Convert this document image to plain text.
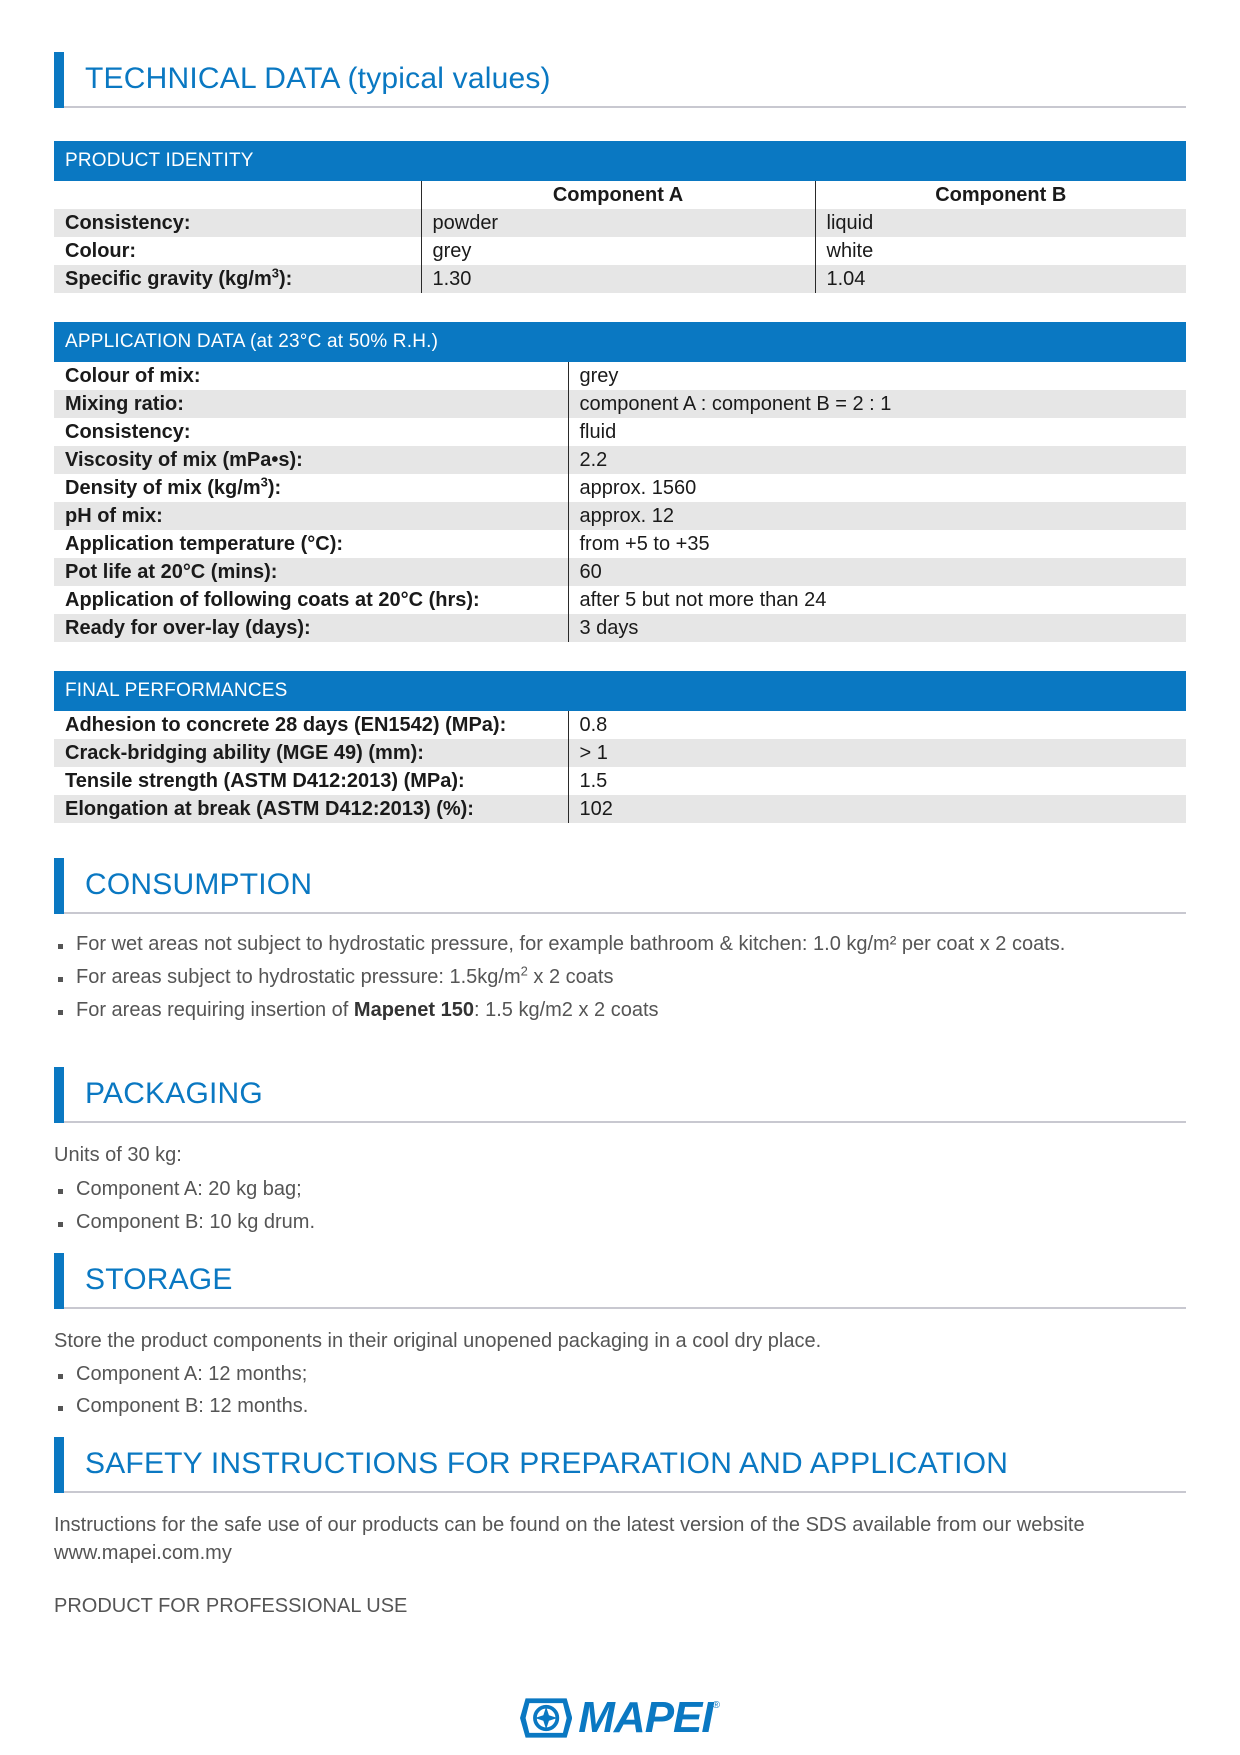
TECHNICAL DATA (typical values)
PRODUCT IDENTITY
	Component A	Component B
Consistency:	powder	liquid
Colour:	grey	white
Specific gravity $(kg/m^3)$:	1.30	1.04
APPLICATION DATA (at 23°C at 50% R.H.)
Colour of mix:	grey
Mixing ratio:	component A : component B = 2 : 1
Consistency:	fluid
Viscosity of mix (mPa•s):	2.2
Density of mix $(kg/m^3)$:	approx. 1560
pH of mix:	approx. 12
Application temperature (°C):	from +5 to +35
Pot life at 20°C (mins):	60
Application of following coats at 20°C (hrs):	after 5 but not more than 24
Ready for over-lay (days):	3 days
FINAL PERFORMANCES
Adhesion to concrete 28 days (EN1542) (MPa):	0.8
Crack-bridging ability (MGE 49) (mm):	> 1
Tensile strength (ASTM D412:2013) (MPa):	1.5
Elongation at break (ASTM D412:2013) (%):	102
CONSUMPTION
For wet areas not subject to hydrostatic pressure, for example bathroom & kitchen: 1.0 kg/m² per coat x 2 coats.
For areas subject to hydrostatic pressure: $1.5kg/m^2$ x 2 coats
For areas requiring insertion of Mapenet 150: 1.5 kg/m2 x 2 coats
PACKAGING

Units of 30 kg:

Component A: 20 kg bag;
Component B: 10 kg drum.
STORAGE

Store the product components in their original unopened packaging in a cool dry place.

Component A: 12 months;
Component B: 12 months.
SAFETY INSTRUCTIONS FOR PREPARATION AND APPLICATION

Instructions for the safe use of our products can be found on the latest version of the SDS available from our website www.mapei.com.my

PRODUCT FOR PROFESSIONAL USE

MAPEI ®
